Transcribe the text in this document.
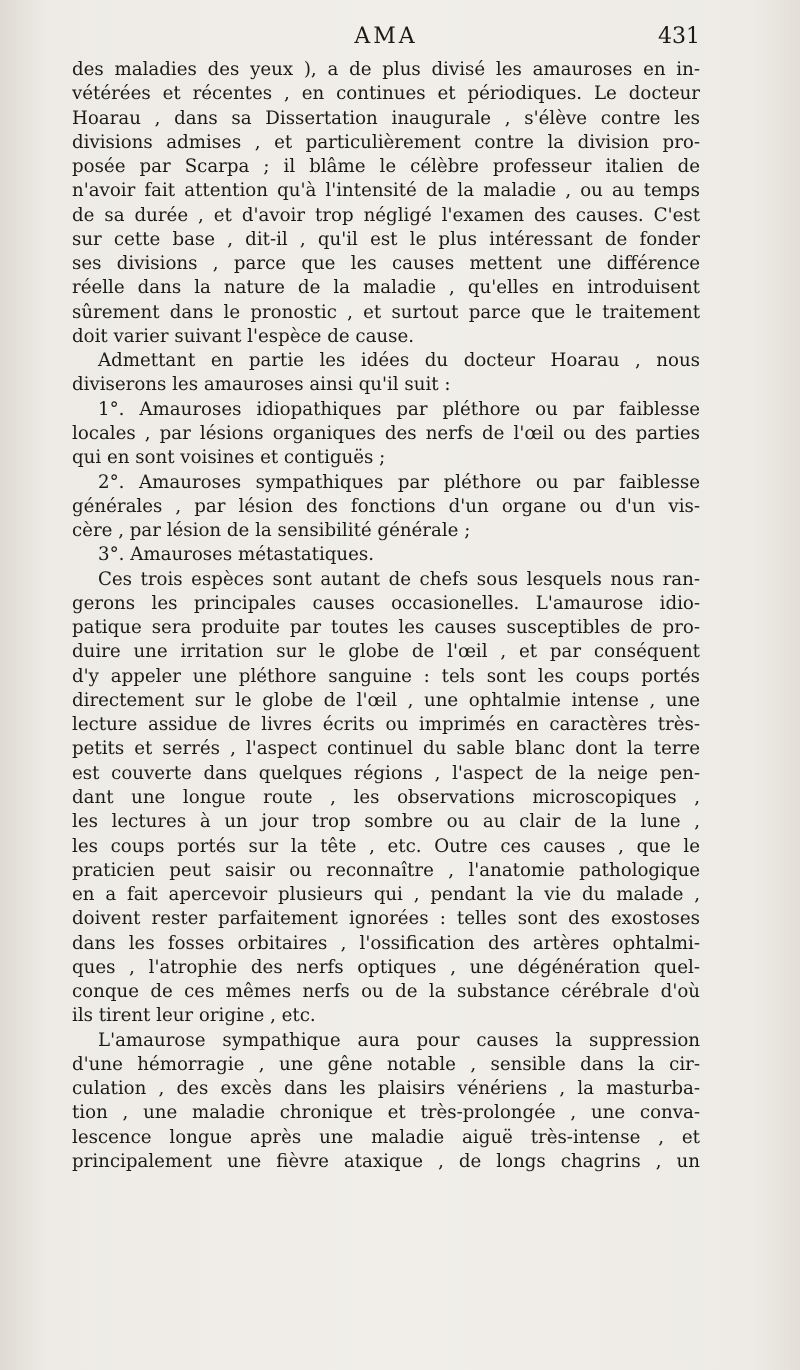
AMA	431
des maladies des yeux ), a de plus divisé les amauroses en in-
vétérées et récentes , en continues et périodiques. Le docteur
Hoarau , dans sa Dissertation inaugurale , s'élève contre les
divisions admises , et particulièrement contre la division pro-
posée par Scarpa ; il blâme le célèbre professeur italien de
n'avoir fait attention qu'à l'intensité de la maladie , ou au temps
de sa durée , et d'avoir trop négligé l'examen des causes. C'est
sur cette base , dit-il , qu'il est le plus intéressant de fonder
ses divisions , parce que les causes mettent une différence
réelle dans la nature de la maladie , qu'elles en introduisent
sûrement dans le pronostic , et surtout parce que le traitement
doit varier suivant l'espèce de cause.
Admettant en partie les idées du docteur Hoarau , nous
diviserons les amauroses ainsi qu'il suit :
1°. Amauroses idiopathiques par pléthore ou par faiblesse
locales , par lésions organiques des nerfs de l'œil ou des parties
qui en sont voisines et contiguës ;
2°. Amauroses sympathiques par pléthore ou par faiblesse
générales , par lésion des fonctions d'un organe ou d'un vis-
cère , par lésion de la sensibilité générale ;
3°. Amauroses métastatiques.
Ces trois espèces sont autant de chefs sous lesquels nous ran-
gerons les principales causes occasionelles. L'amaurose idio-
patique sera produite par toutes les causes susceptibles de pro-
duire une irritation sur le globe de l'œil , et par conséquent
d'y appeler une pléthore sanguine : tels sont les coups portés
directement sur le globe de l'œil , une ophtalmie intense , une
lecture assidue de livres écrits ou imprimés en caractères très-
petits et serrés , l'aspect continuel du sable blanc dont la terre
est couverte dans quelques régions , l'aspect de la neige pen-
dant une longue route , les observations microscopiques ,
les lectures à un jour trop sombre ou au clair de la lune ,
les coups portés sur la tête , etc. Outre ces causes , que le
praticien peut saisir ou reconnaître , l'anatomie pathologique
en a fait apercevoir plusieurs qui , pendant la vie du malade ,
doivent rester parfaitement ignorées : telles sont des exostoses
dans les fosses orbitaires , l'ossification des artères ophtalmi-
ques , l'atrophie des nerfs optiques , une dégénération quel-
conque de ces mêmes nerfs ou de la substance cérébrale d'où
ils tirent leur origine , etc.
L'amaurose sympathique aura pour causes la suppression
d'une hémorragie , une gêne notable , sensible dans la cir-
culation , des excès dans les plaisirs vénériens , la masturba-
tion , une maladie chronique et très-prolongée , une conva-
lescence longue après une maladie aiguë très-intense , et
principalement une fièvre ataxique , de longs chagrins , un
